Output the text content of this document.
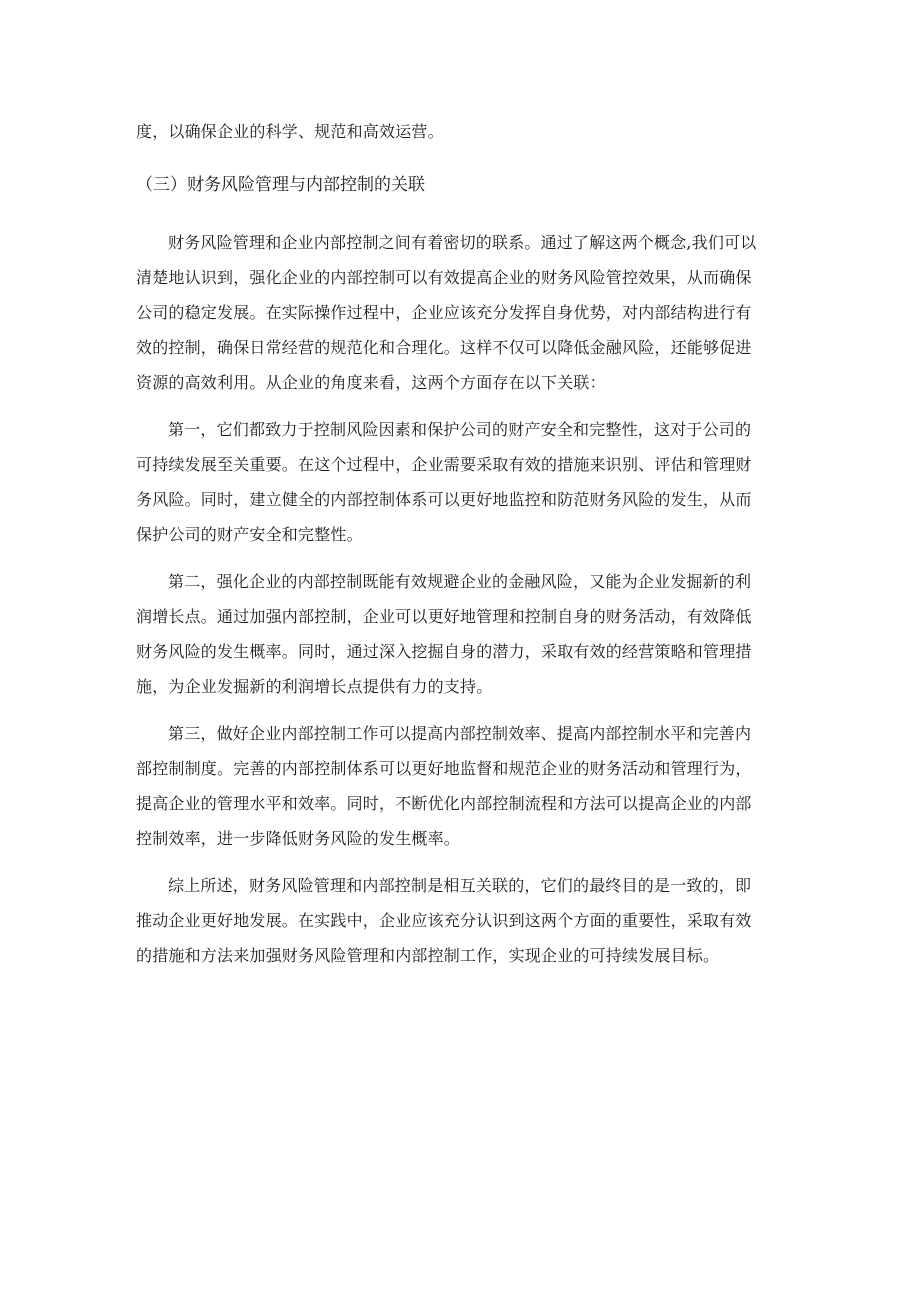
度，以确保企业的科学、规范和高效运营。
（三）财务风险管理与内部控制的关联
财务风险管理和企业内部控制之间有着密切的联系。通过了解这两个概念,我们可以
清楚地认识到，强化企业的内部控制可以有效提高企业的财务风险管控效果，从而确保
公司的稳定发展。在实际操作过程中，企业应该充分发挥自身优势，对内部结构进行有
效的控制，确保日常经营的规范化和合理化。这样不仅可以降低金融风险，还能够促进
资源的高效利用。从企业的角度来看，这两个方面存在以下关联：
第一，它们都致力于控制风险因素和保护公司的财产安全和完整性，这对于公司的
可持续发展至关重要。在这个过程中，企业需要采取有效的措施来识别、评估和管理财
务风险。同时，建立健全的内部控制体系可以更好地监控和防范财务风险的发生，从而
保护公司的财产安全和完整性。
第二，强化企业的内部控制既能有效规避企业的金融风险，又能为企业发掘新的利
润增长点。通过加强内部控制，企业可以更好地管理和控制自身的财务活动，有效降低
财务风险的发生概率。同时，通过深入挖掘自身的潜力，采取有效的经营策略和管理措
施，为企业发掘新的利润增长点提供有力的支持。
第三，做好企业内部控制工作可以提高内部控制效率、提高内部控制水平和完善内
部控制制度。完善的内部控制体系可以更好地监督和规范企业的财务活动和管理行为，
提高企业的管理水平和效率。同时，不断优化内部控制流程和方法可以提高企业的内部
控制效率，进一步降低财务风险的发生概率。
综上所述，财务风险管理和内部控制是相互关联的，它们的最终目的是一致的，即
推动企业更好地发展。在实践中，企业应该充分认识到这两个方面的重要性，采取有效
的措施和方法来加强财务风险管理和内部控制工作，实现企业的可持续发展目标。
